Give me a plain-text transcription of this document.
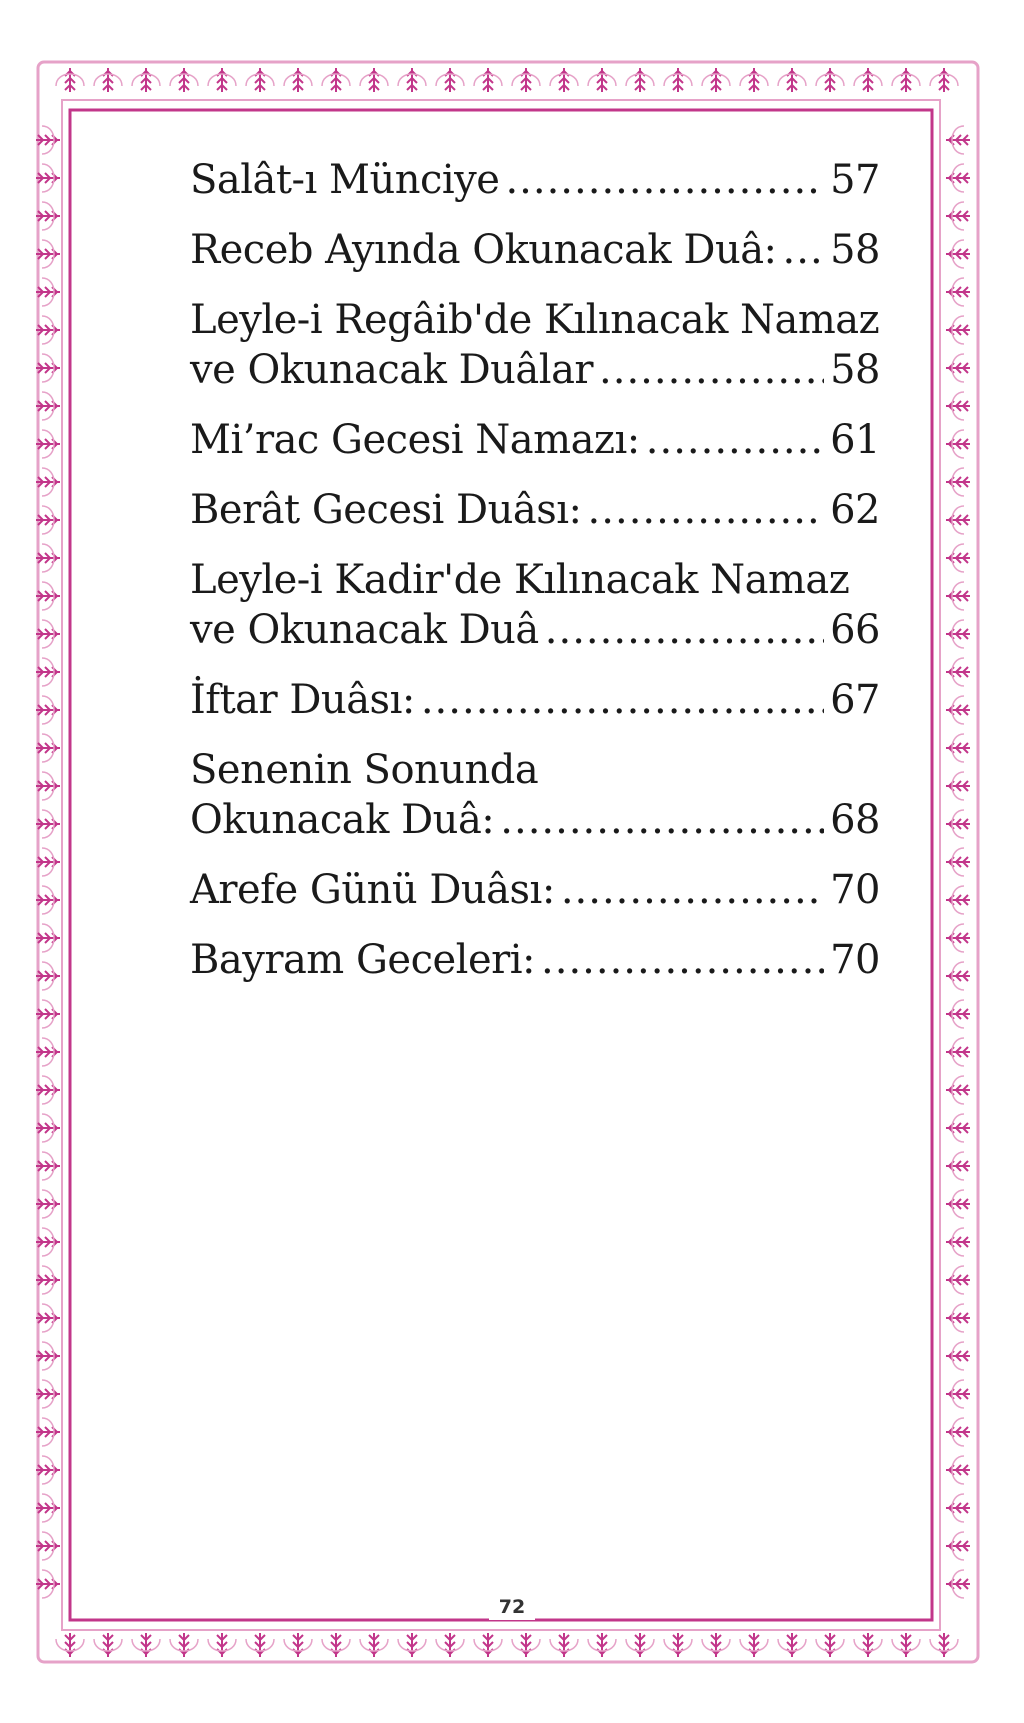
Salât-ı Münciye .....	57
Receb Ayında Okunacak Duâ: ..... 58
Leyle-i Regâib'de Kılınacak Namaz
ve Okunacak Duâlar .....	58
Mi’rac Gecesi Namazı: .....	61
Berât Gecesi Duâsı: .....	62
Leyle-i Kadir'de Kılınacak Namaz
ve Okunacak Duâ .....	66
İftar Duâsı: .....	67
Senenin Sonunda
Okunacak Duâ: .....	68
Arefe Günü Duâsı: .....	70
Bayram Geceleri: .....	70
72
